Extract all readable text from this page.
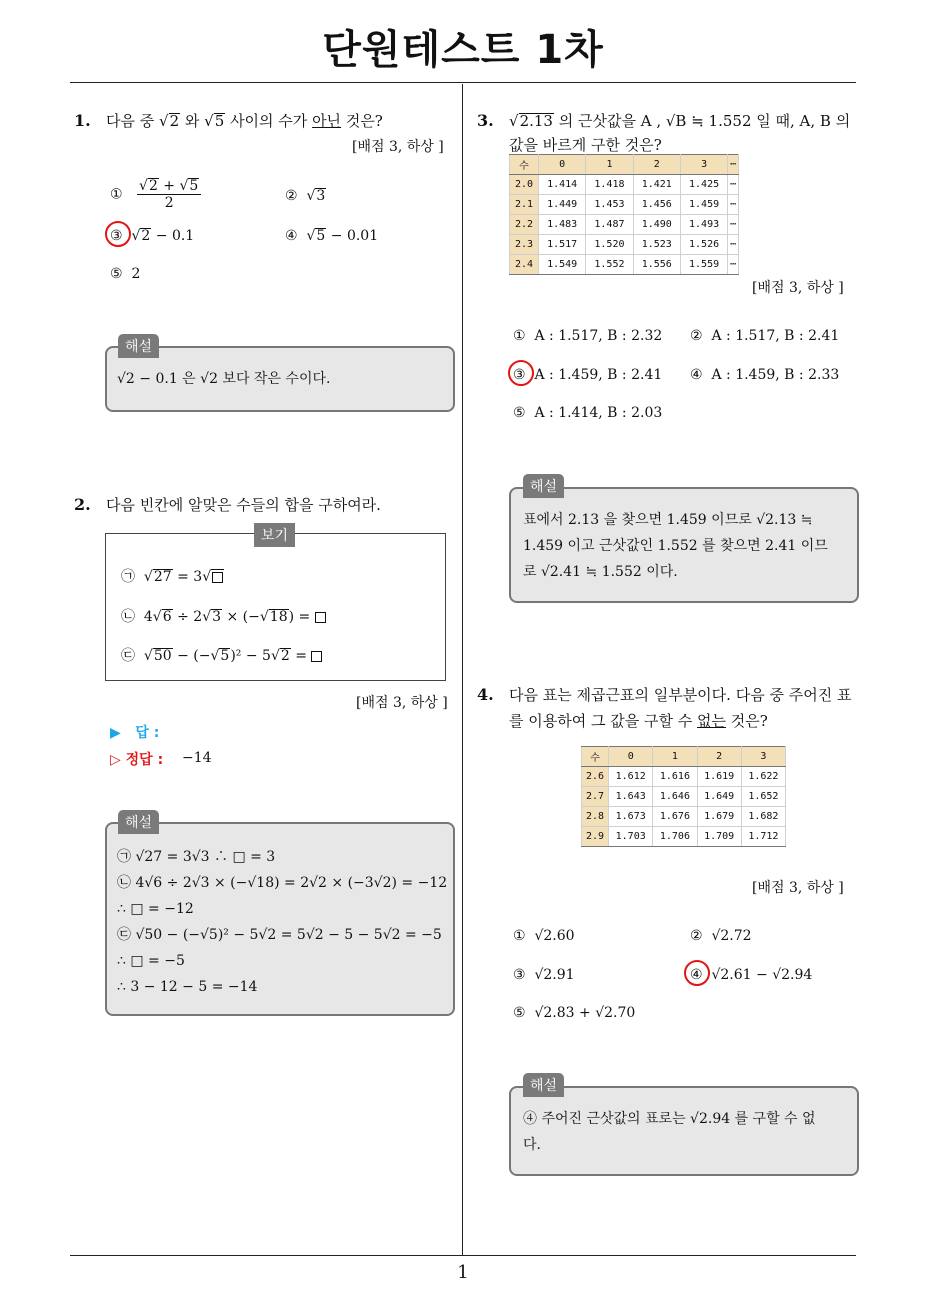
단원테스트 1차
1
1. 다음 중 √2 와 √5 사이의 수가 아닌 것은?
[배점 3, 하상 ]
① $\frac{√2 + √5}{2}$	②  √3
③  √2 − 0.1	④  √5 − 0.01
⑤ 2
√2 − 0.1 은 √2 보다 작은 수이다.
해설
2. 다음 빈칸에 알맞은 수들의 합을 구하여라.
㉠  √27 = 3√
㉡  4√6 ÷ 2√3 × (−√18) =
㉢  √50 − (−√5)² − 5√2 =
보기
[배점 3, 하상 ]
▶ 답 :
▷ 정답 : −14
㉠ √27 = 3√3 ∴ □ = 3
㉡ 4√6 ÷ 2√3 × (−√18) = 2√2 × (−3√2) = −12
∴ □ = −12
㉢ √50 − (−√5)² − 5√2 = 5√2 − 5 − 5√2 = −5
∴ □ = −5
∴ 3 − 12 − 5 = −14
해설
3. √2.13 의 근삿값을 A , √B ≒ 1.552 일 때, A, B 의
값을 바르게 구한 것은?
수	0	1	2	3	⋯
2.0	1.414	1.418	1.421	1.425	⋯
2.1	1.449	1.453	1.456	1.459	⋯
2.2	1.483	1.487	1.490	1.493	⋯
2.3	1.517	1.520	1.523	1.526	⋯
2.4	1.549	1.552	1.556	1.559	⋯
[배점 3, 하상 ]
① A : 1.517, B : 2.32 ② A : 1.517, B : 2.41
③ A : 1.459, B : 2.41 ④ A : 1.459, B : 2.33
⑤ A : 1.414, B : 2.03
표에서 2.13 을 찾으면 1.459 이므로 √2.13 ≒
1.459 이고 근삿값인 1.552 를 찾으면 2.41 이므
로 √2.41 ≒ 1.552 이다.
해설
4. 다음 표는 제곱근표의 일부분이다. 다음 중 주어진 표
를 이용하여 그 값을 구할 수 없는 것은?
수	0	1	2	3
2.6	1.612	1.616	1.619	1.622
2.7	1.643	1.646	1.649	1.652
2.8	1.673	1.676	1.679	1.682
2.9	1.703	1.706	1.709	1.712
[배점 3, 하상 ]
① √2.60	② √2.72
③ √2.91	④ √2.61 − √2.94
⑤ √2.83 + √2.70
④ 주어진 근삿값의 표로는 √2.94 를 구할 수 없
다.
해설
